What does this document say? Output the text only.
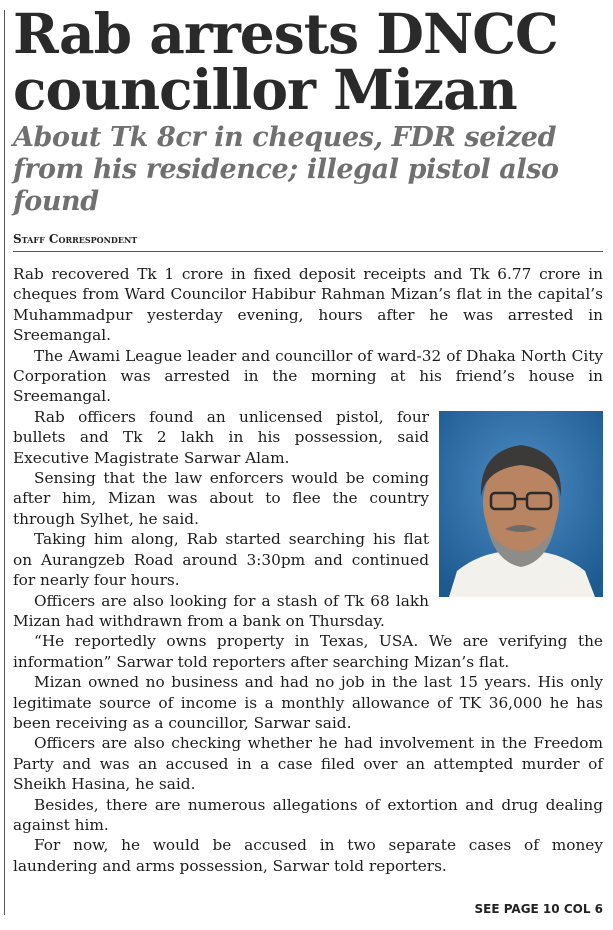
Rab arrests DNCC councillor Mizan
About Tk 8cr in cheques, FDR seized from his residence; illegal pistol also found
Staff Correspondent

Rab recovered Tk 1 crore in fixed deposit receipts and Tk 6.77 crore in cheques from Ward Councilor Habibur Rahman Mizan’s flat in the capital’s Muhammadpur yesterday evening, hours after he was arrested in Sreemangal.

The Awami League leader and councillor of ward-32 of Dhaka North City Corporation was arrested in the morning at his friend’s house in Sreemangal.

Rab officers found an unlicensed pistol, four bullets and Tk 2 lakh in his possession, said Executive Magistrate Sarwar Alam.

Sensing that the law enforcers would be coming after him, Mizan was about to flee the country through Sylhet, he said.

Taking him along, Rab started searching his flat on Aurangzeb Road around 3:30pm and continued for nearly four hours.

Officers are also looking for a stash of Tk 68 lakh Mizan had withdrawn from a bank on Thursday.

“He reportedly owns property in Texas, USA. We are verifying the information” Sarwar told reporters after searching Mizan’s flat.

Mizan owned no business and had no job in the last 15 years. His only legitimate source of income is a monthly allowance of TK 36,000 he has been receiving as a councillor, Sarwar said.

Officers are also checking whether he had involvement in the Freedom Party and was an accused in a case filed over an attempted murder of Sheikh Hasina, he said.

Besides, there are numerous allegations of extortion and drug dealing against him.

For now, he would be accused in two separate cases of money laundering and arms possession, Sarwar told reporters.

SEE PAGE 10 COL 6
